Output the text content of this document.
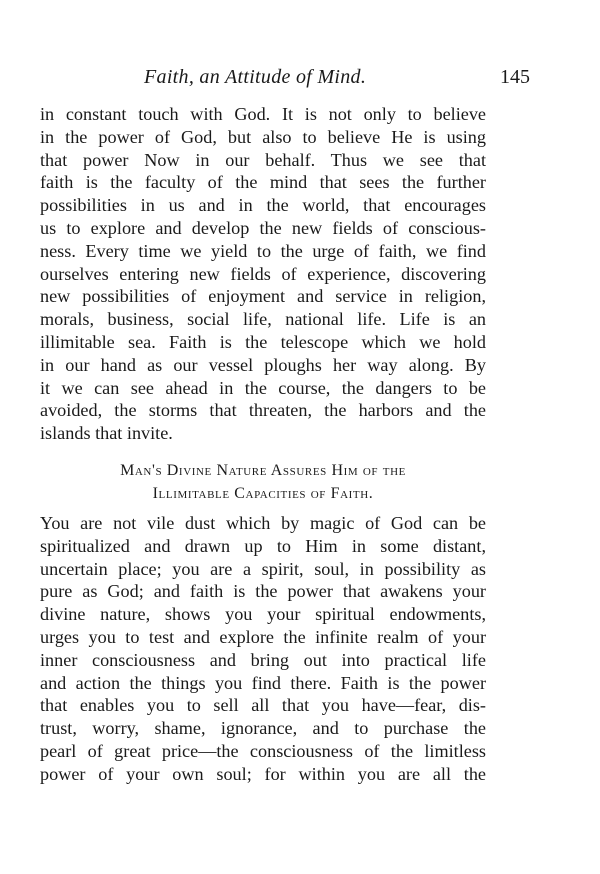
Faith, an Attitude of Mind.	145
in constant touch with God. It is not only to believe
in the power of God, but also to believe He is using
that power Now in our behalf. Thus we see that
faith is the faculty of the mind that sees the further
possibilities in us and in the world, that encourages
us to explore and develop the new fields of conscious-
ness. Every time we yield to the urge of faith, we find
ourselves entering new fields of experience, discovering
new possibilities of enjoyment and service in religion,
morals, business, social life, national life. Life is an
illimitable sea. Faith is the telescope which we hold
in our hand as our vessel ploughs her way along. By
it we can see ahead in the course, the dangers to be
avoided, the storms that threaten, the harbors and the
islands that invite.
Man's Divine Nature Assures Him of the
Illimitable Capacities of Faith.
You are not vile dust which by magic of God can be
spiritualized and drawn up to Him in some distant,
uncertain place; you are a spirit, soul, in possibility as
pure as God; and faith is the power that awakens your
divine nature, shows you your spiritual endowments,
urges you to test and explore the infinite realm of your
inner consciousness and bring out into practical life
and action the things you find there. Faith is the power
that enables you to sell all that you have—fear, dis-
trust, worry, shame, ignorance, and to purchase the
pearl of great price—the consciousness of the limitless
power of your own soul; for within you are all the
